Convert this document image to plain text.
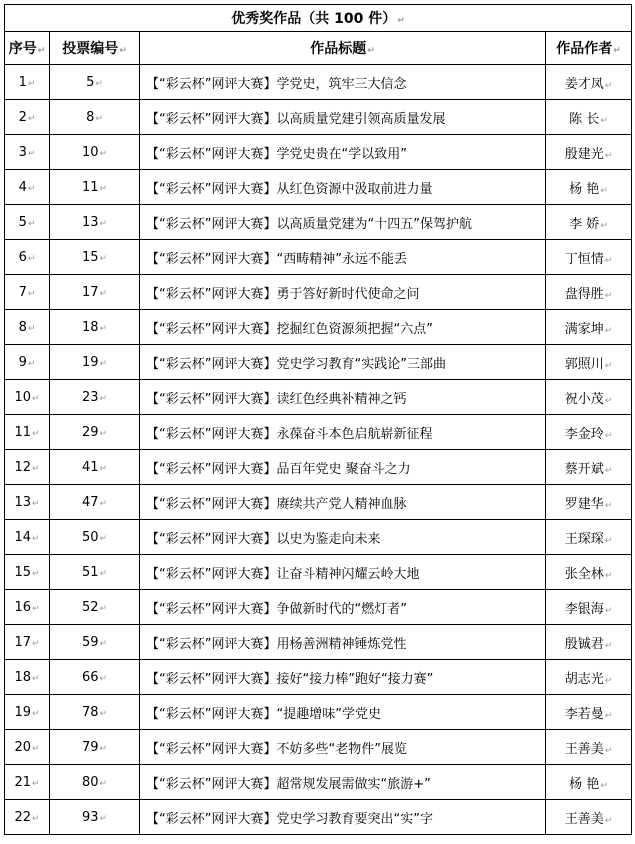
优秀奖作品（共 100 件）↵			
序号↵	投票编号↵	作品标题↵	作品作者↵
1↵	5↵	【“彩云杯”网评大赛】学党史，筑牢三大信念	姜才凤↵
2↵	8↵	【“彩云杯”网评大赛】以高质量党建引领高质量发展	陈 长↵
3↵	10↵	【“彩云杯”网评大赛】学党史贵在“学以致用”	殷建光↵
4↵	11↵	【“彩云杯”网评大赛】从红色资源中汲取前进力量	杨 艳↵
5↵	13↵	【“彩云杯”网评大赛】以高质量党建为“十四五”保驾护航	李 娇↵
6↵	15↵	【“彩云杯”网评大赛】“西畴精神”永远不能丢	丁恒情↵
7↵	17↵	【“彩云杯”网评大赛】勇于答好新时代使命之问	盘得胜↵
8↵	18↵	【“彩云杯”网评大赛】挖掘红色资源须把握“六点”	满家坤↵
9↵	19↵	【“彩云杯”网评大赛】党史学习教育“实践论”三部曲	郭照川↵
10↵	23↵	【“彩云杯”网评大赛】读红色经典补精神之钙	祝小茂↵
11↵	29↵	【“彩云杯”网评大赛】永葆奋斗本色启航崭新征程	李金玲↵
12↵	41↵	【“彩云杯”网评大赛】品百年党史 聚奋斗之力	蔡开斌↵
13↵	47↵	【“彩云杯”网评大赛】赓续共产党人精神血脉	罗建华↵
14↵	50↵	【“彩云杯”网评大赛】以史为鉴走向未来	王琛琛↵
15↵	51↵	【“彩云杯”网评大赛】让奋斗精神闪耀云岭大地	张全林↵
16↵	52↵	【“彩云杯”网评大赛】争做新时代的“燃灯者”	李银海↵
17↵	59↵	【“彩云杯”网评大赛】用杨善洲精神锤炼党性	殷铖君↵
18↵	66↵	【“彩云杯”网评大赛】接好“接力棒”跑好“接力赛”	胡志光↵
19↵	78↵	【“彩云杯”网评大赛】“提趣增味”学党史	李若曼↵
20↵	79↵	【“彩云杯”网评大赛】不妨多些“老物件”展览	王善美↵
21↵	80↵	【“彩云杯”网评大赛】超常规发展需做实“旅游+”	杨 艳↵
22↵	93↵	【“彩云杯”网评大赛】党史学习教育要突出“实”字	王善美↵
